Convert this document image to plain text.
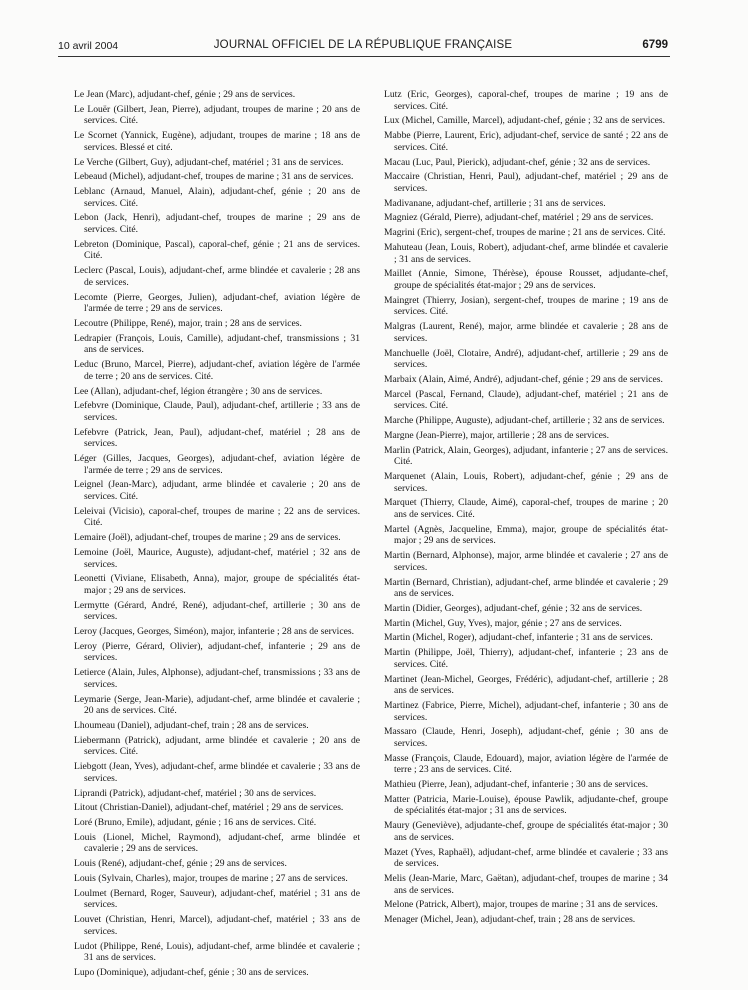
10 avril 2004	JOURNAL OFFICIEL DE LA RÉPUBLIQUE FRANÇAISE	6799

Le Jean (Marc), adjudant-chef, génie ; 29 ans de services.

Le Louër (Gilbert, Jean, Pierre), adjudant, troupes de marine ; 20 ans de services. Cité.

Le Scornet (Yannick, Eugène), adjudant, troupes de marine ; 18 ans de services. Blessé et cité.

Le Verche (Gilbert, Guy), adjudant-chef, matériel ; 31 ans de services.

Lebeaud (Michel), adjudant-chef, troupes de marine ; 31 ans de services.

Leblanc (Arnaud, Manuel, Alain), adjudant-chef, génie ; 20 ans de services. Cité.

Lebon (Jack, Henri), adjudant-chef, troupes de marine ; 29 ans de services. Cité.

Lebreton (Dominique, Pascal), caporal-chef, génie ; 21 ans de services. Cité.

Leclerc (Pascal, Louis), adjudant-chef, arme blindée et cavalerie ; 28 ans de services.

Lecomte (Pierre, Georges, Julien), adjudant-chef, aviation légère de l'armée de terre ; 29 ans de services.

Lecoutre (Philippe, René), major, train ; 28 ans de services.

Ledrapier (François, Louis, Camille), adjudant-chef, transmissions ; 31 ans de services.

Leduc (Bruno, Marcel, Pierre), adjudant-chef, aviation légère de l'armée de terre ; 20 ans de services. Cité.

Lee (Allan), adjudant-chef, légion étrangère ; 30 ans de services.

Lefebvre (Dominique, Claude, Paul), adjudant-chef, artillerie ; 33 ans de services.

Lefebvre (Patrick, Jean, Paul), adjudant-chef, matériel ; 28 ans de services.

Léger (Gilles, Jacques, Georges), adjudant-chef, aviation légère de l'armée de terre ; 29 ans de services.

Leignel (Jean-Marc), adjudant, arme blindée et cavalerie ; 20 ans de services. Cité.

Leleivai (Vicisio), caporal-chef, troupes de marine ; 22 ans de services. Cité.

Lemaire (Joël), adjudant-chef, troupes de marine ; 29 ans de services.

Lemoine (Joël, Maurice, Auguste), adjudant-chef, matériel ; 32 ans de services.

Leonetti (Viviane, Elisabeth, Anna), major, groupe de spécialités état-major ; 29 ans de services.

Lermytte (Gérard, André, René), adjudant-chef, artillerie ; 30 ans de services.

Leroy (Jacques, Georges, Siméon), major, infanterie ; 28 ans de services.

Leroy (Pierre, Gérard, Olivier), adjudant-chef, infanterie ; 29 ans de services.

Letierce (Alain, Jules, Alphonse), adjudant-chef, transmissions ; 33 ans de services.

Leymarie (Serge, Jean-Marie), adjudant-chef, arme blindée et cavalerie ; 20 ans de services. Cité.

Lhoumeau (Daniel), adjudant-chef, train ; 28 ans de services.

Liebermann (Patrick), adjudant, arme blindée et cavalerie ; 20 ans de services. Cité.

Liebgott (Jean, Yves), adjudant-chef, arme blindée et cavalerie ; 33 ans de services.

Liprandi (Patrick), adjudant-chef, matériel ; 30 ans de services.

Litout (Christian-Daniel), adjudant-chef, matériel ; 29 ans de services.

Loré (Bruno, Emile), adjudant, génie ; 16 ans de services. Cité.

Louis (Lionel, Michel, Raymond), adjudant-chef, arme blindée et cavalerie ; 29 ans de services.

Louis (René), adjudant-chef, génie ; 29 ans de services.

Louis (Sylvain, Charles), major, troupes de marine ; 27 ans de services.

Loulmet (Bernard, Roger, Sauveur), adjudant-chef, matériel ; 31 ans de services.

Louvet (Christian, Henri, Marcel), adjudant-chef, matériel ; 33 ans de services.

Ludot (Philippe, René, Louis), adjudant-chef, arme blindée et cavalerie ; 31 ans de services.

Lupo (Dominique), adjudant-chef, génie ; 30 ans de services.

Lutz (Eric, Georges), caporal-chef, troupes de marine ; 19 ans de services. Cité.

Lux (Michel, Camille, Marcel), adjudant-chef, génie ; 32 ans de services.

Mabbe (Pierre, Laurent, Eric), adjudant-chef, service de santé ; 22 ans de services. Cité.

Macau (Luc, Paul, Pierick), adjudant-chef, génie ; 32 ans de services.

Maccaire (Christian, Henri, Paul), adjudant-chef, matériel ; 29 ans de services.

Madivanane, adjudant-chef, artillerie ; 31 ans de services.

Magniez (Gérald, Pierre), adjudant-chef, matériel ; 29 ans de services.

Magrini (Eric), sergent-chef, troupes de marine ; 21 ans de services. Cité.

Mahuteau (Jean, Louis, Robert), adjudant-chef, arme blindée et cavalerie ; 31 ans de services.

Maillet (Annie, Simone, Thérèse), épouse Rousset, adjudante-chef, groupe de spécialités état-major ; 29 ans de services.

Maingret (Thierry, Josian), sergent-chef, troupes de marine ; 19 ans de services. Cité.

Malgras (Laurent, René), major, arme blindée et cavalerie ; 28 ans de services.

Manchuelle (Joël, Clotaire, André), adjudant-chef, artillerie ; 29 ans de services.

Marbaix (Alain, Aimé, André), adjudant-chef, génie ; 29 ans de services.

Marcel (Pascal, Fernand, Claude), adjudant-chef, matériel ; 21 ans de services. Cité.

Marche (Philippe, Auguste), adjudant-chef, artillerie ; 32 ans de services.

Margne (Jean-Pierre), major, artillerie ; 28 ans de services.

Marlin (Patrick, Alain, Georges), adjudant, infanterie ; 27 ans de services. Cité.

Marquenet (Alain, Louis, Robert), adjudant-chef, génie ; 29 ans de services.

Marquet (Thierry, Claude, Aimé), caporal-chef, troupes de marine ; 20 ans de services. Cité.

Martel (Agnès, Jacqueline, Emma), major, groupe de spécialités état-major ; 29 ans de services.

Martin (Bernard, Alphonse), major, arme blindée et cavalerie ; 27 ans de services.

Martin (Bernard, Christian), adjudant-chef, arme blindée et cavalerie ; 29 ans de services.

Martin (Didier, Georges), adjudant-chef, génie ; 32 ans de services.

Martin (Michel, Guy, Yves), major, génie ; 27 ans de services.

Martin (Michel, Roger), adjudant-chef, infanterie ; 31 ans de services.

Martin (Philippe, Joël, Thierry), adjudant-chef, infanterie ; 23 ans de services. Cité.

Martinet (Jean-Michel, Georges, Frédéric), adjudant-chef, artillerie ; 28 ans de services.

Martinez (Fabrice, Pierre, Michel), adjudant-chef, infanterie ; 30 ans de services.

Massaro (Claude, Henri, Joseph), adjudant-chef, génie ; 30 ans de services.

Masse (François, Claude, Edouard), major, aviation légère de l'armée de terre ; 23 ans de services. Cité.

Mathieu (Pierre, Jean), adjudant-chef, infanterie ; 30 ans de services.

Matter (Patricia, Marie-Louise), épouse Pawlik, adjudante-chef, groupe de spécialités état-major ; 31 ans de services.

Maury (Geneviève), adjudante-chef, groupe de spécialités état-major ; 30 ans de services.

Mazet (Yves, Raphaël), adjudant-chef, arme blindée et cavalerie ; 33 ans de services.

Melis (Jean-Marie, Marc, Gaëtan), adjudant-chef, troupes de marine ; 34 ans de services.

Melone (Patrick, Albert), major, troupes de marine ; 31 ans de services.

Menager (Michel, Jean), adjudant-chef, train ; 28 ans de services.
